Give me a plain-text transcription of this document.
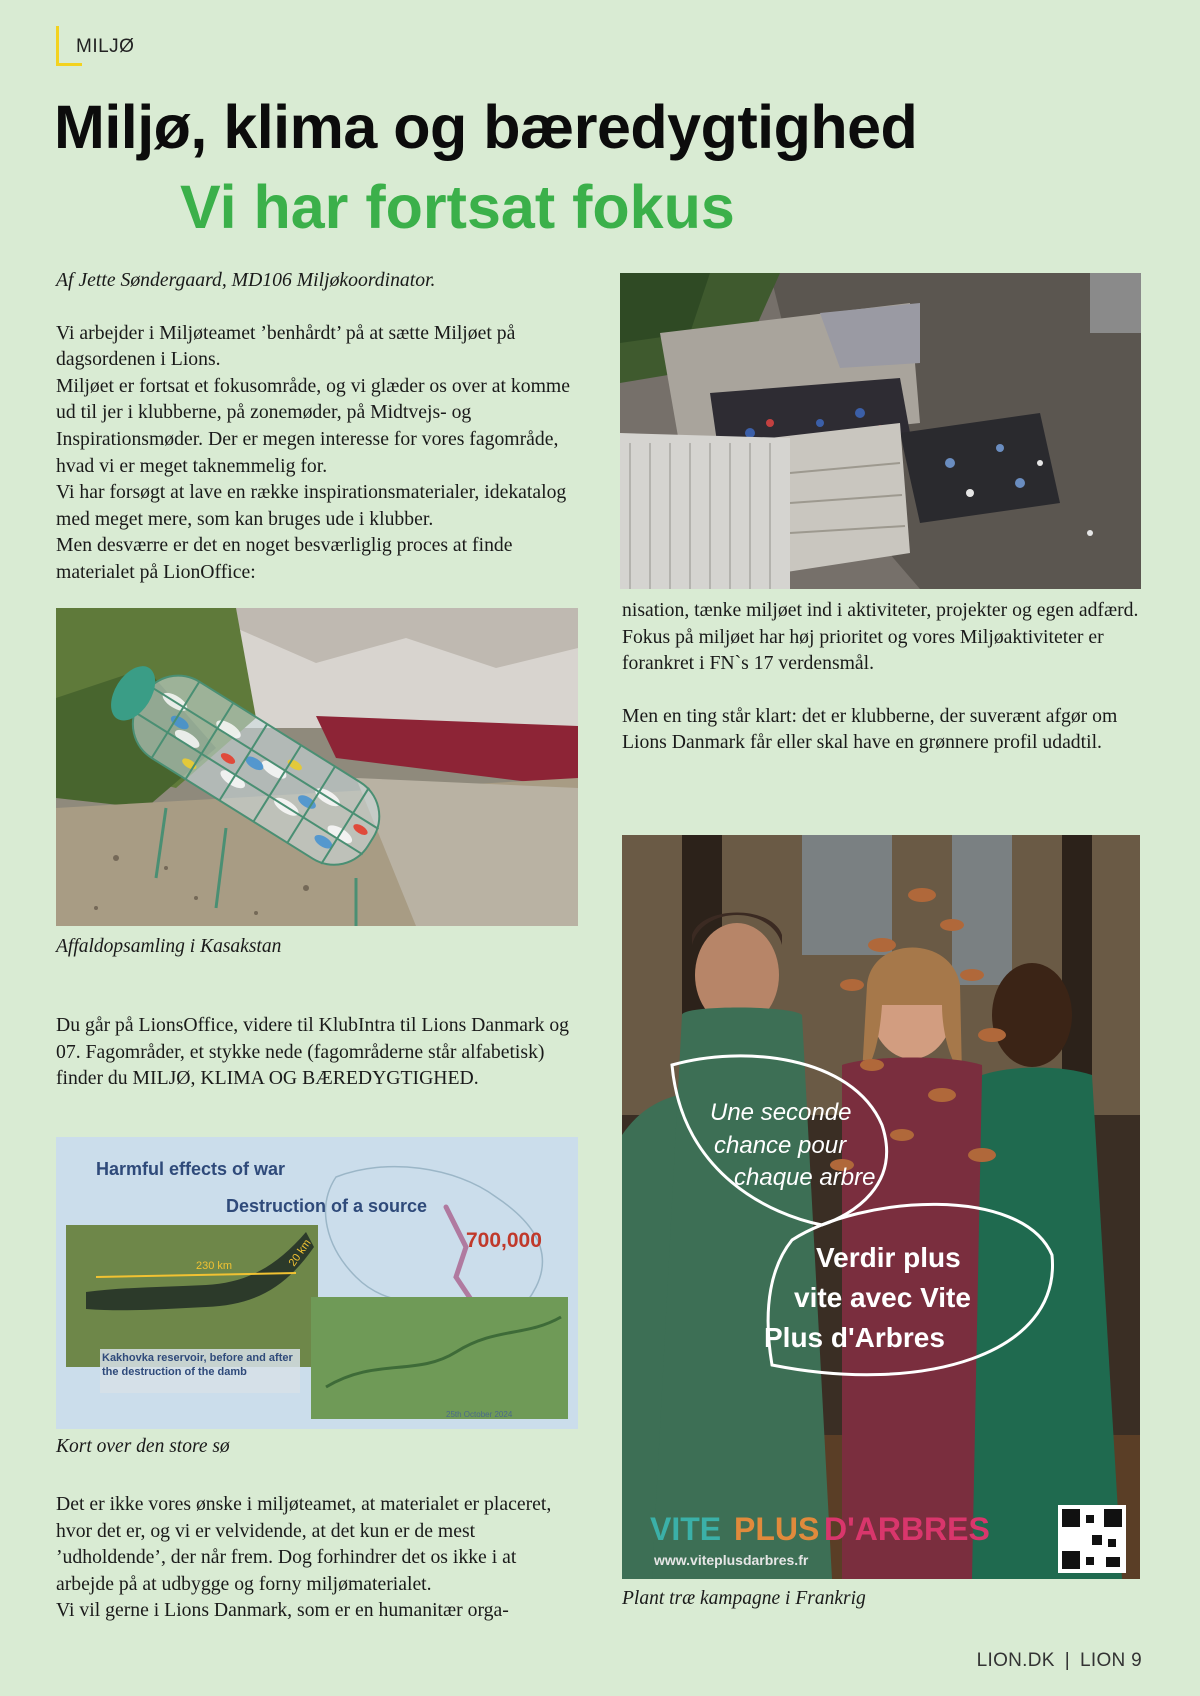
MILJØ
Miljø, klima og bæredygtighed
Vi har fortsat fokus

Af Jette Søndergaard, MD106 Miljøkoordinator.

Vi arbejder i Miljøteamet ’benhårdt’ på at sætte Miljøet på dagsordenen i Lions.

Miljøet er fortsat et fokusområde, og vi glæder os over at komme ud til jer i klubberne, på zonemøder, på Midtvejs- og Inspirationsmøder. Der er megen interesse for vores fagområde, hvad vi er meget taknemmelig for.

Vi har forsøgt at lave en række inspirationsmaterialer, idekatalog med meget mere, som kan bruges ude i klubber.

Men desværre er det en noget besværliglig proces at finde materialet på LionOffice:

Affaldopsamling i Kasakstan

Du går på LionsOffice, videre til KlubIntra til Lions Danmark og 07. Fagområder, et stykke nede (fagområderne står alfabetisk) finder du MILJØ, KLIMA OG BÆREDYGTIGHED.

Harmful effects of war
Destruction of a source
700,000
230 km	20 km
Kakhovka reservoir, before and after the destruction of the damb
25th October 2024
Kort over den store sø

Det er ikke vores ønske i miljøteamet, at materialet er placeret, hvor det er, og vi er velvidende, at det kun er de mest ’udholdende’, der når frem. Dog forhindrer det os ikke i at arbejde på at udbygge og forny miljømaterialet.

Vi vil gerne i Lions Danmark, som er en humanitær orga-

nisation, tænke miljøet ind i aktiviteter, projekter og egen adfærd.

Fokus på miljøet har høj prioritet og vores Miljøaktiviteter er forankret i FN`s 17 verdensmål.

Men en ting står klart: det er klubberne, der suverænt afgør om Lions Danmark får eller skal have en grønnere profil udadtil.

Une seconde
chance pour
chaque arbre
Verdir plus
vite avec Vite
Plus d'Arbres
VITE PLUS D'ARBRES
www.viteplusdarbres.fr
Plant træ kampagne i Frankrig
LION.DK | LION 9
